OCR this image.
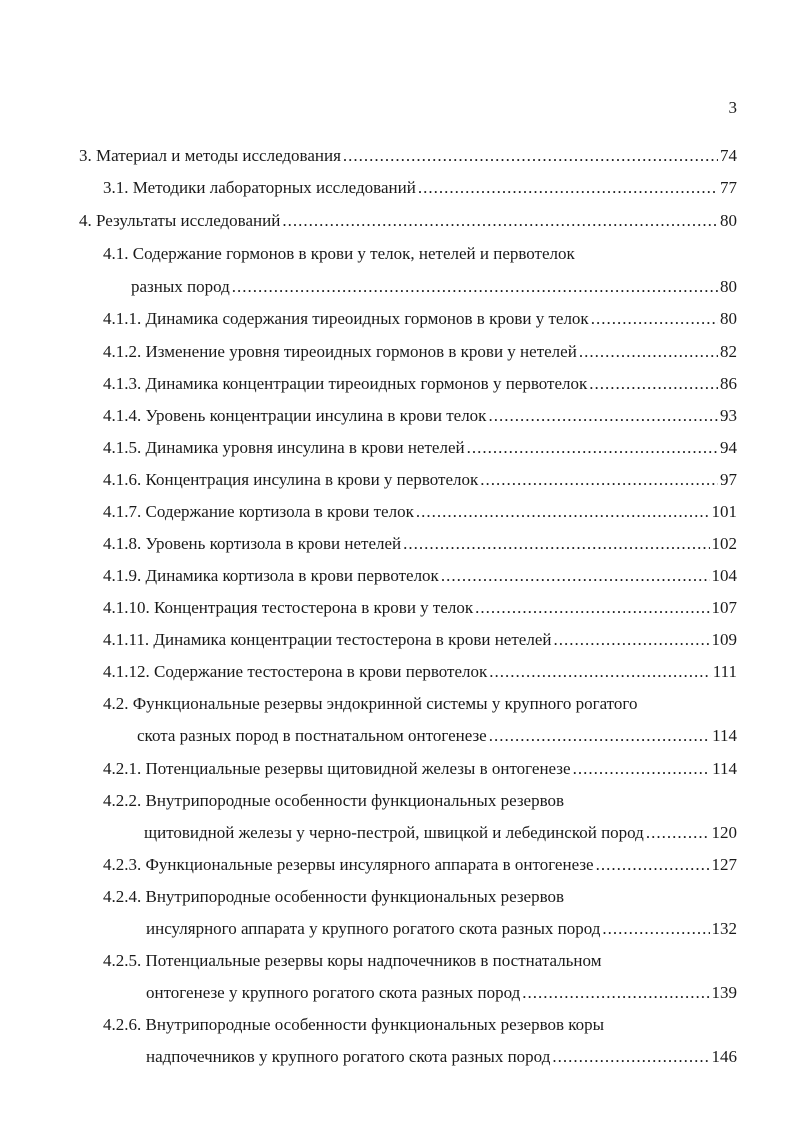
3
3. Материал и методы исследования .....	74
3.1. Методики лабораторных исследований .....	77
4. Результаты исследований .....	80
4.1. Содержание гормонов в крови у телок, нетелей и первотелок
разных пород .....	80
4.1.1. Динамика содержания тиреоидных гормонов в крови у телок .....	80
4.1.2. Изменение уровня тиреоидных гормонов в крови у нетелей .....	82
4.1.3. Динамика концентрации тиреоидных гормонов у первотелок .....	86
4.1.4. Уровень концентрации инсулина в крови телок .....	93
4.1.5. Динамика уровня инсулина в крови нетелей .....	94
4.1.6. Концентрация инсулина в крови у первотелок .....	97
4.1.7. Содержание кортизола в крови телок .....	101
4.1.8. Уровень кортизола в крови нетелей .....	102
4.1.9. Динамика кортизола в крови первотелок .....	104
4.1.10. Концентрация тестостерона в крови у телок .....	107
4.1.11. Динамика концентрации тестостерона в крови нетелей .....	109
4.1.12. Содержание тестостерона в крови первотелок .....	111
4.2. Функциональные резервы эндокринной системы у крупного рогатого
скота разных пород в постнатальном онтогенезе .....	114
4.2.1. Потенциальные резервы щитовидной железы в онтогенезе .....	114
4.2.2. Внутрипородные особенности функциональных резервов
щитовидной железы у черно-пестрой, швицкой и лебединской пород .....	120
4.2.3. Функциональные резервы инсулярного аппарата в онтогенезе .....	127
4.2.4. Внутрипородные особенности функциональных резервов
инсулярного аппарата у крупного рогатого скота разных пород .....	132
4.2.5. Потенциальные резервы коры надпочечников в постнатальном
онтогенезе у крупного рогатого скота разных пород .....	139
4.2.6. Внутрипородные особенности функциональных резервов коры
надпочечников у крупного рогатого скота разных пород .....	146
